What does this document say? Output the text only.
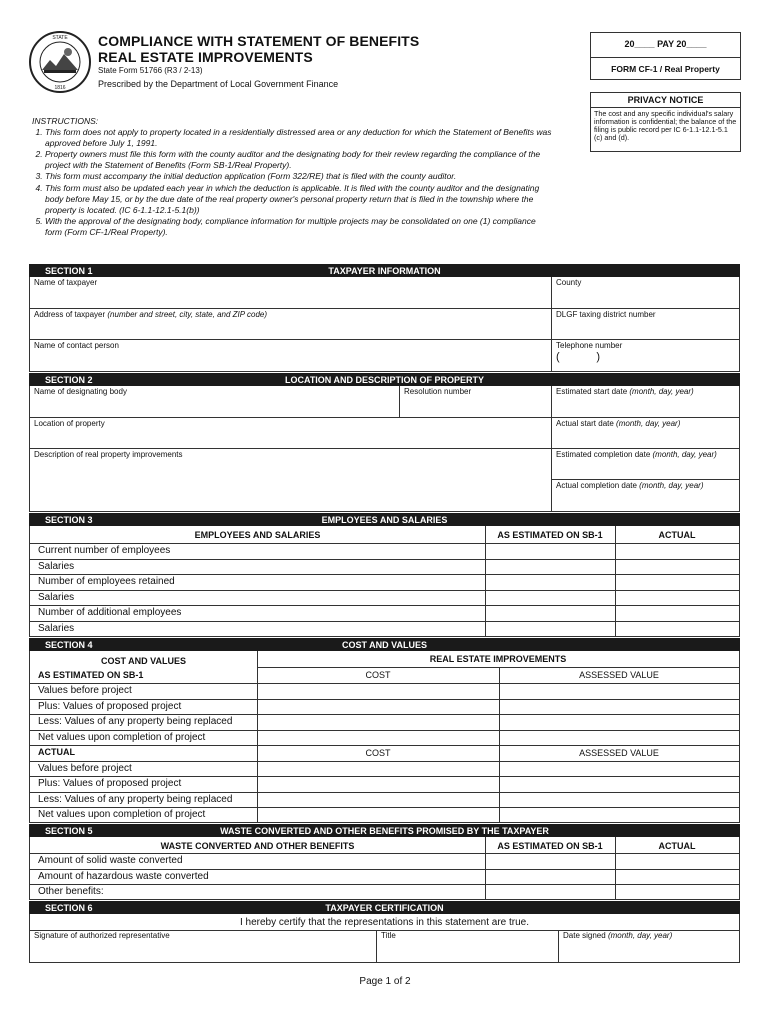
STATE
1816
COMPLIANCE WITH STATEMENT OF BENEFITS
REAL ESTATE IMPROVEMENTS
State Form 51766 (R3 / 2-13)
Prescribed by the Department of Local Government Finance
20____ PAY 20____
FORM CF-1 / Real Property
PRIVACY NOTICE
The cost and any specific individual's salary information is confidential; the balance of the filing is public record per IC 6-1.1-12.1-5.1 (c) and (d).
INSTRUCTIONS:
1. This form does not apply to property located in a residentially distressed area or any deduction for which the Statement of Benefits was approved before July 1, 1991.
2. Property owners must file this form with the county auditor and the designating body for their review regarding the compliance of the project with the Statement of Benefits (Form SB-1/Real Property).
3. This form must accompany the initial deduction application (Form 322/RE) that is filed with the county auditor.
4. This form must also be updated each year in which the deduction is applicable. It is filed with the county auditor and the designating body before May 15, or by the due date of the real property owner's personal property return that is filed in the township where the property is located. (IC 6-1.1-12.1-5.1(b))
5. With the approval of the designating body, compliance information for multiple projects may be consolidated on one (1) compliance form (Form CF-1/Real Property).
SECTION 1	TAXPAYER INFORMATION
Name of taxpayer	County
Address of taxpayer (number and street, city, state, and ZIP code)	DLGF taxing district number
Name of contact person	Telephone number
(            )
SECTION 2	LOCATION AND DESCRIPTION OF PROPERTY
Name of designating body	Resolution number	Estimated start date (month, day, year)
Location of property	Actual start date (month, day, year)
Description of real property improvements	Estimated completion date (month, day, year)
Actual completion date (month, day, year)
SECTION 3	EMPLOYEES AND SALARIES
EMPLOYEES AND SALARIES	AS ESTIMATED ON SB-1	ACTUAL
Current number of employees
Salaries
Number of employees retained
Salaries
Number of additional employees
Salaries
SECTION 4	COST AND VALUES
COST AND VALUES	REAL ESTATE IMPROVEMENTS
AS ESTIMATED ON SB-1	COST	ASSESSED VALUE
Values before project
Plus: Values of proposed project
Less: Values of any property being replaced
Net values upon completion of project
ACTUAL	COST	ASSESSED VALUE
Values before project
Plus: Values of proposed project
Less: Values of any property being replaced
Net values upon completion of project
SECTION 5	WASTE CONVERTED AND OTHER BENEFITS PROMISED BY THE TAXPAYER
WASTE CONVERTED AND OTHER BENEFITS	AS ESTIMATED ON SB-1	ACTUAL
Amount of solid waste converted
Amount of hazardous waste converted
Other benefits:
SECTION 6	TAXPAYER CERTIFICATION
I hereby certify that the representations in this statement are true.
Signature of authorized representative	Title	Date signed (month, day, year)
Page 1 of 2
